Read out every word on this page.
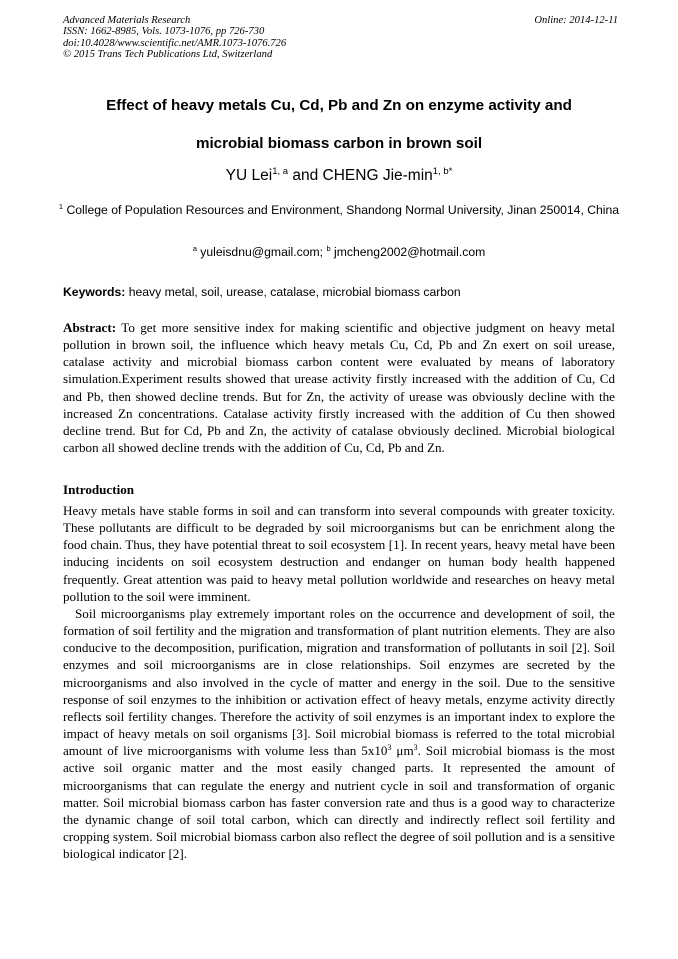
Advanced Materials Research
ISSN: 1662-8985, Vols. 1073-1076, pp 726-730
doi:10.4028/www.scientific.net/AMR.1073-1076.726
© 2015 Trans Tech Publications Ltd, Switzerland
Online: 2014-12-11
Effect of heavy metals Cu, Cd, Pb and Zn on enzyme activity and
microbial biomass carbon in brown soil
YU Lei$^{1, a}$ and CHENG Jie-$\min^{1, b*}$
$^1$ College of Population Resources and Environment, Shandong Normal University, Jinan 250014, China
$^a$ yuleisdnu@gmail.com; $^b$ jmcheng2002@hotmail.com
Keywords: heavy metal, soil, urease, catalase, microbial biomass carbon
Abstract: To get more sensitive index for making scientific and objective judgment on heavy metal pollution in brown soil, the influence which heavy metals Cu, Cd, Pb and Zn exert on soil urease, catalase activity and microbial biomass carbon content were evaluated by means of laboratory simulation.Experiment results showed that urease activity firstly increased with the addition of Cu, Cd and Pb, then showed decline trends. But for Zn, the activity of urease was obviously decline with the increased Zn concentrations. Catalase activity firstly increased with the addition of Cu then showed decline trend. But for Cd, Pb and Zn, the activity of catalase obviously declined. Microbial biological carbon all showed decline trends with the addition of Cu, Cd, Pb and Zn.
Introduction

Heavy metals have stable forms in soil and can transform into several compounds with greater toxicity. These pollutants are difficult to be degraded by soil microorganisms but can be enrichment along the food chain. Thus, they have potential threat to soil ecosystem [1]. In recent years, heavy metal have been inducing incidents on soil ecosystem destruction and endanger on human body health happened frequently. Great attention was paid to heavy metal pollution worldwide and researches on heavy metal pollution to the soil were imminent.

Soil microorganisms play extremely important roles on the occurrence and development of soil, the formation of soil fertility and the migration and transformation of plant nutrition elements. They are also conducive to the decomposition, purification, migration and transformation of pollutants in soil [2]. Soil enzymes and soil microorganisms are in close relationships. Soil enzymes are secreted by the microorganisms and also involved in the cycle of matter and energy in the soil. Due to the sensitive response of soil enzymes to the inhibition or activation effect of heavy metals, enzyme activity directly reflects soil fertility changes. Therefore the activity of soil enzymes is an important index to explore the impact of heavy metals on soil organisms [3]. Soil microbial biomass is referred to the total microbial amount of live microorganisms with volume less than $5x10^3$ $\mu m^3$. Soil microbial biomass is the most active soil organic matter and the most easily changed parts. It represented the amount of microorganisms that can regulate the energy and nutrient cycle in soil and transformation of organic matter. Soil microbial biomass carbon has faster conversion rate and thus is a good way to characterize the dynamic change of soil total carbon, which can directly and indirectly reflect soil fertility and cropping system. Soil microbial biomass carbon also reflect the degree of soil pollution and is a sensitive biological indicator [2].
